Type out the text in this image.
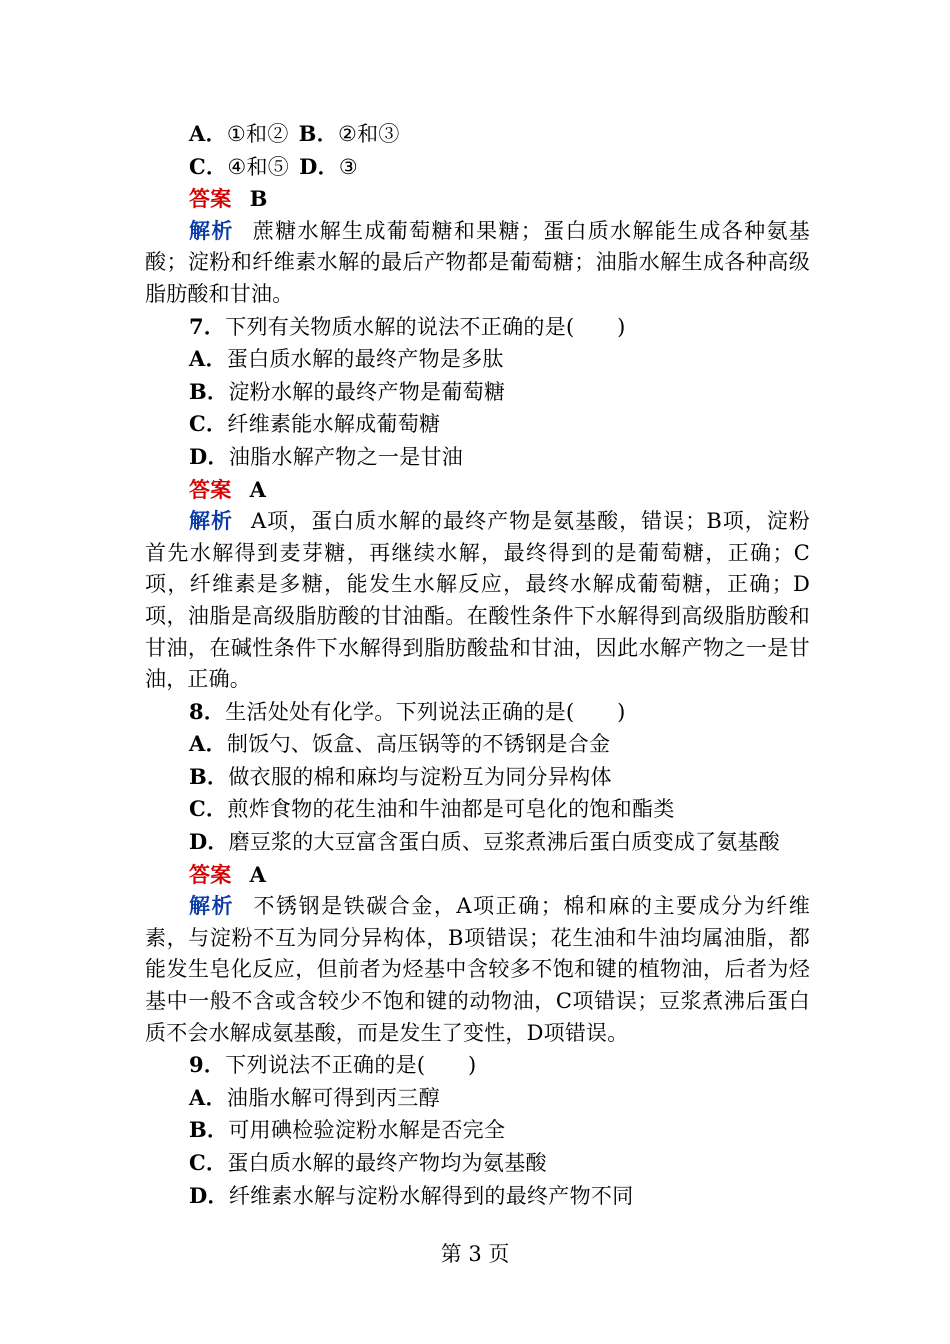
A．①和② B．②和③
C．④和⑤ D．③
答案 B
解析 蔗糖水解生成葡萄糖和果糖；蛋白质水解能生成各种氨基酸；淀粉和纤维素水解的最后产物都是葡萄糖；油脂水解生成各种高级脂肪酸和甘油。
7．下列有关物质水解的说法不正确的是(　　)
A．蛋白质水解的最终产物是多肽
B．淀粉水解的最终产物是葡萄糖
C．纤维素能水解成葡萄糖
D．油脂水解产物之一是甘油
答案 A
解析 A项，蛋白质水解的最终产物是氨基酸，错误；B项，淀粉首先水解得到麦芽糖，再继续水解，最终得到的是葡萄糖，正确；C项，纤维素是多糖，能发生水解反应，最终水解成葡萄糖，正确；D项，油脂是高级脂肪酸的甘油酯。在酸性条件下水解得到高级脂肪酸和甘油，在碱性条件下水解得到脂肪酸盐和甘油，因此水解产物之一是甘油，正确。
8．生活处处有化学。下列说法正确的是(　　)
A．制饭勺、饭盒、高压锅等的不锈钢是合金
B．做衣服的棉和麻均与淀粉互为同分异构体
C．煎炸食物的花生油和牛油都是可皂化的饱和酯类
D．磨豆浆的大豆富含蛋白质、豆浆煮沸后蛋白质变成了氨基酸
答案 A
解析 不锈钢是铁碳合金，A项正确；棉和麻的主要成分为纤维素，与淀粉不互为同分异构体，B项错误；花生油和牛油均属油脂，都能发生皂化反应，但前者为烃基中含较多不饱和键的植物油，后者为烃基中一般不含或含较少不饱和键的动物油，C项错误；豆浆煮沸后蛋白质不会水解成氨基酸，而是发生了变性，D项错误。
9．下列说法不正确的是(　　)
A．油脂水解可得到丙三醇
B．可用碘检验淀粉水解是否完全
C．蛋白质水解的最终产物均为氨基酸
D．纤维素水解与淀粉水解得到的最终产物不同
第 3 页
